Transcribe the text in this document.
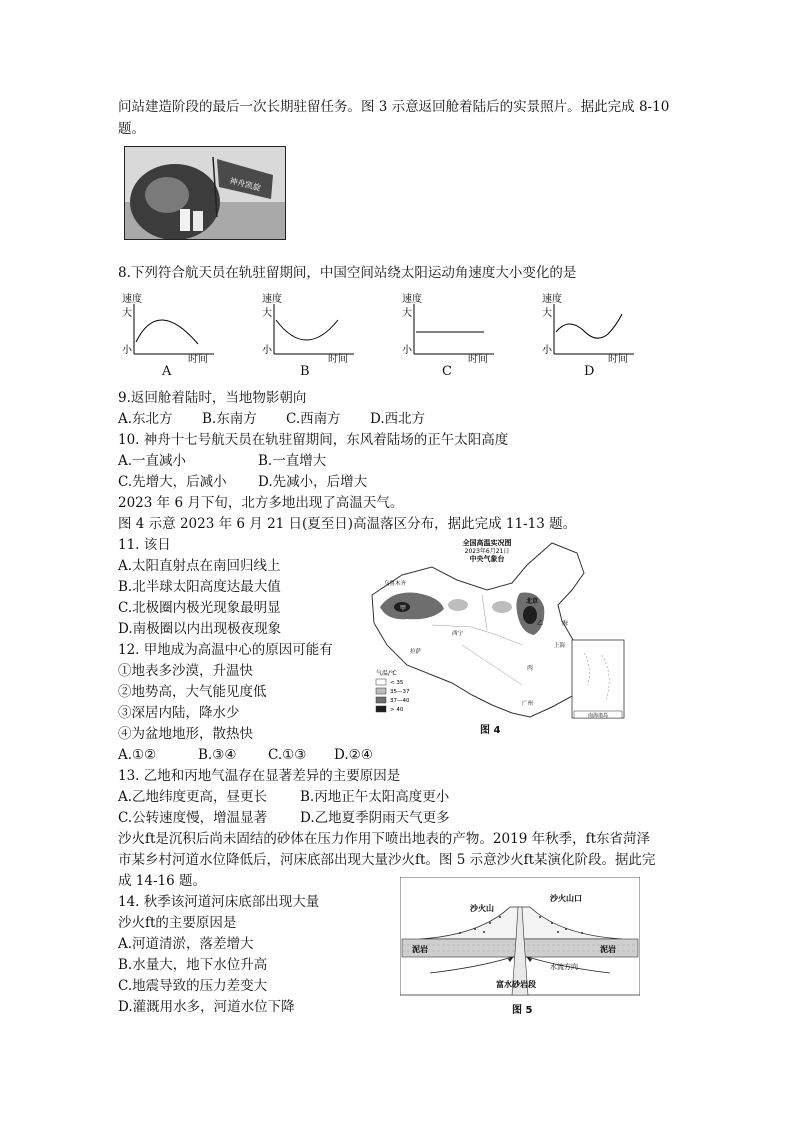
问站建造阶段的最后一次长期驻留任务。图 3 示意返回舱着陆后的实景照片。据此完成 8-10
题。
神舟凯旋
8.下列符合航天员在轨驻留期间，中国空间站绕太阳运动角速度大小变化的是
速度
大
小
速度
大
小
速度
大
小
速度
大
小
时间	时间	时间	时间
A	B	C	D
9.返回舱着陆时，当地物影朝向
A.东北方 B.东南方 C.西南方 D.西北方
10. 神舟十七号航天员在轨驻留期间，东风着陆场的正午太阳高度
A.一直减小	B.一直增大
C.先增大，后减小 D.先减小，后增大
2023 年 6 月下旬，北方多地出现了高温天气。
图 4 示意 2023 年 6 月 21 日(夏至日)高温落区分布，据此完成 11-13 题。
11. 该日
A.太阳直射点在南回归线上
B.北半球太阳高度达最大值
C.北极圈内极光现象最明显
D.南极圈以内出现极夜现象
12. 甲地成为高温中心的原因可能有
①地表多沙漠，升温快
②地势高，大气能见度低
③深居内陆，降水少
④为盆地地形，散热快
A.①②	B.③④ C.①③ D.②④
13. 乙地和丙地气温存在显著差异的主要原因是
A.乙地纬度更高，昼更长 B.丙地正午太阳高度更小
C.公转速度慢，增温显著 D.乙地夏季阴雨天气更多
沙火ft是沉积后尚未固结的砂体在压力作用下喷出地表的产物。2019 年秋季，ft东省菏泽
市某乡村河道水位降低后，河床底部出现大量沙火ft。图 5 示意沙火ft某演化阶段。据此完
成 14-16 题。
14. 秋季该河道河床底部出现大量
沙火ft的主要原因是
A.河道清淤，落差增大
B.水量大，地下水位升高
C.地震导致的压力差变大
D.灌溉用水多，河道水位下降
全国高温实况图
2023年6月21日
中央气象台
乌鲁木齐
甲
北京
乙
丙
西宁
拉萨
上海
广州
海
气温/℃
< 35
35—37
37—40
> 40
南海诸岛
图 4
沙火山
沙火山口
泥岩	泥岩
水流方向
富水砂岩段
图 5
